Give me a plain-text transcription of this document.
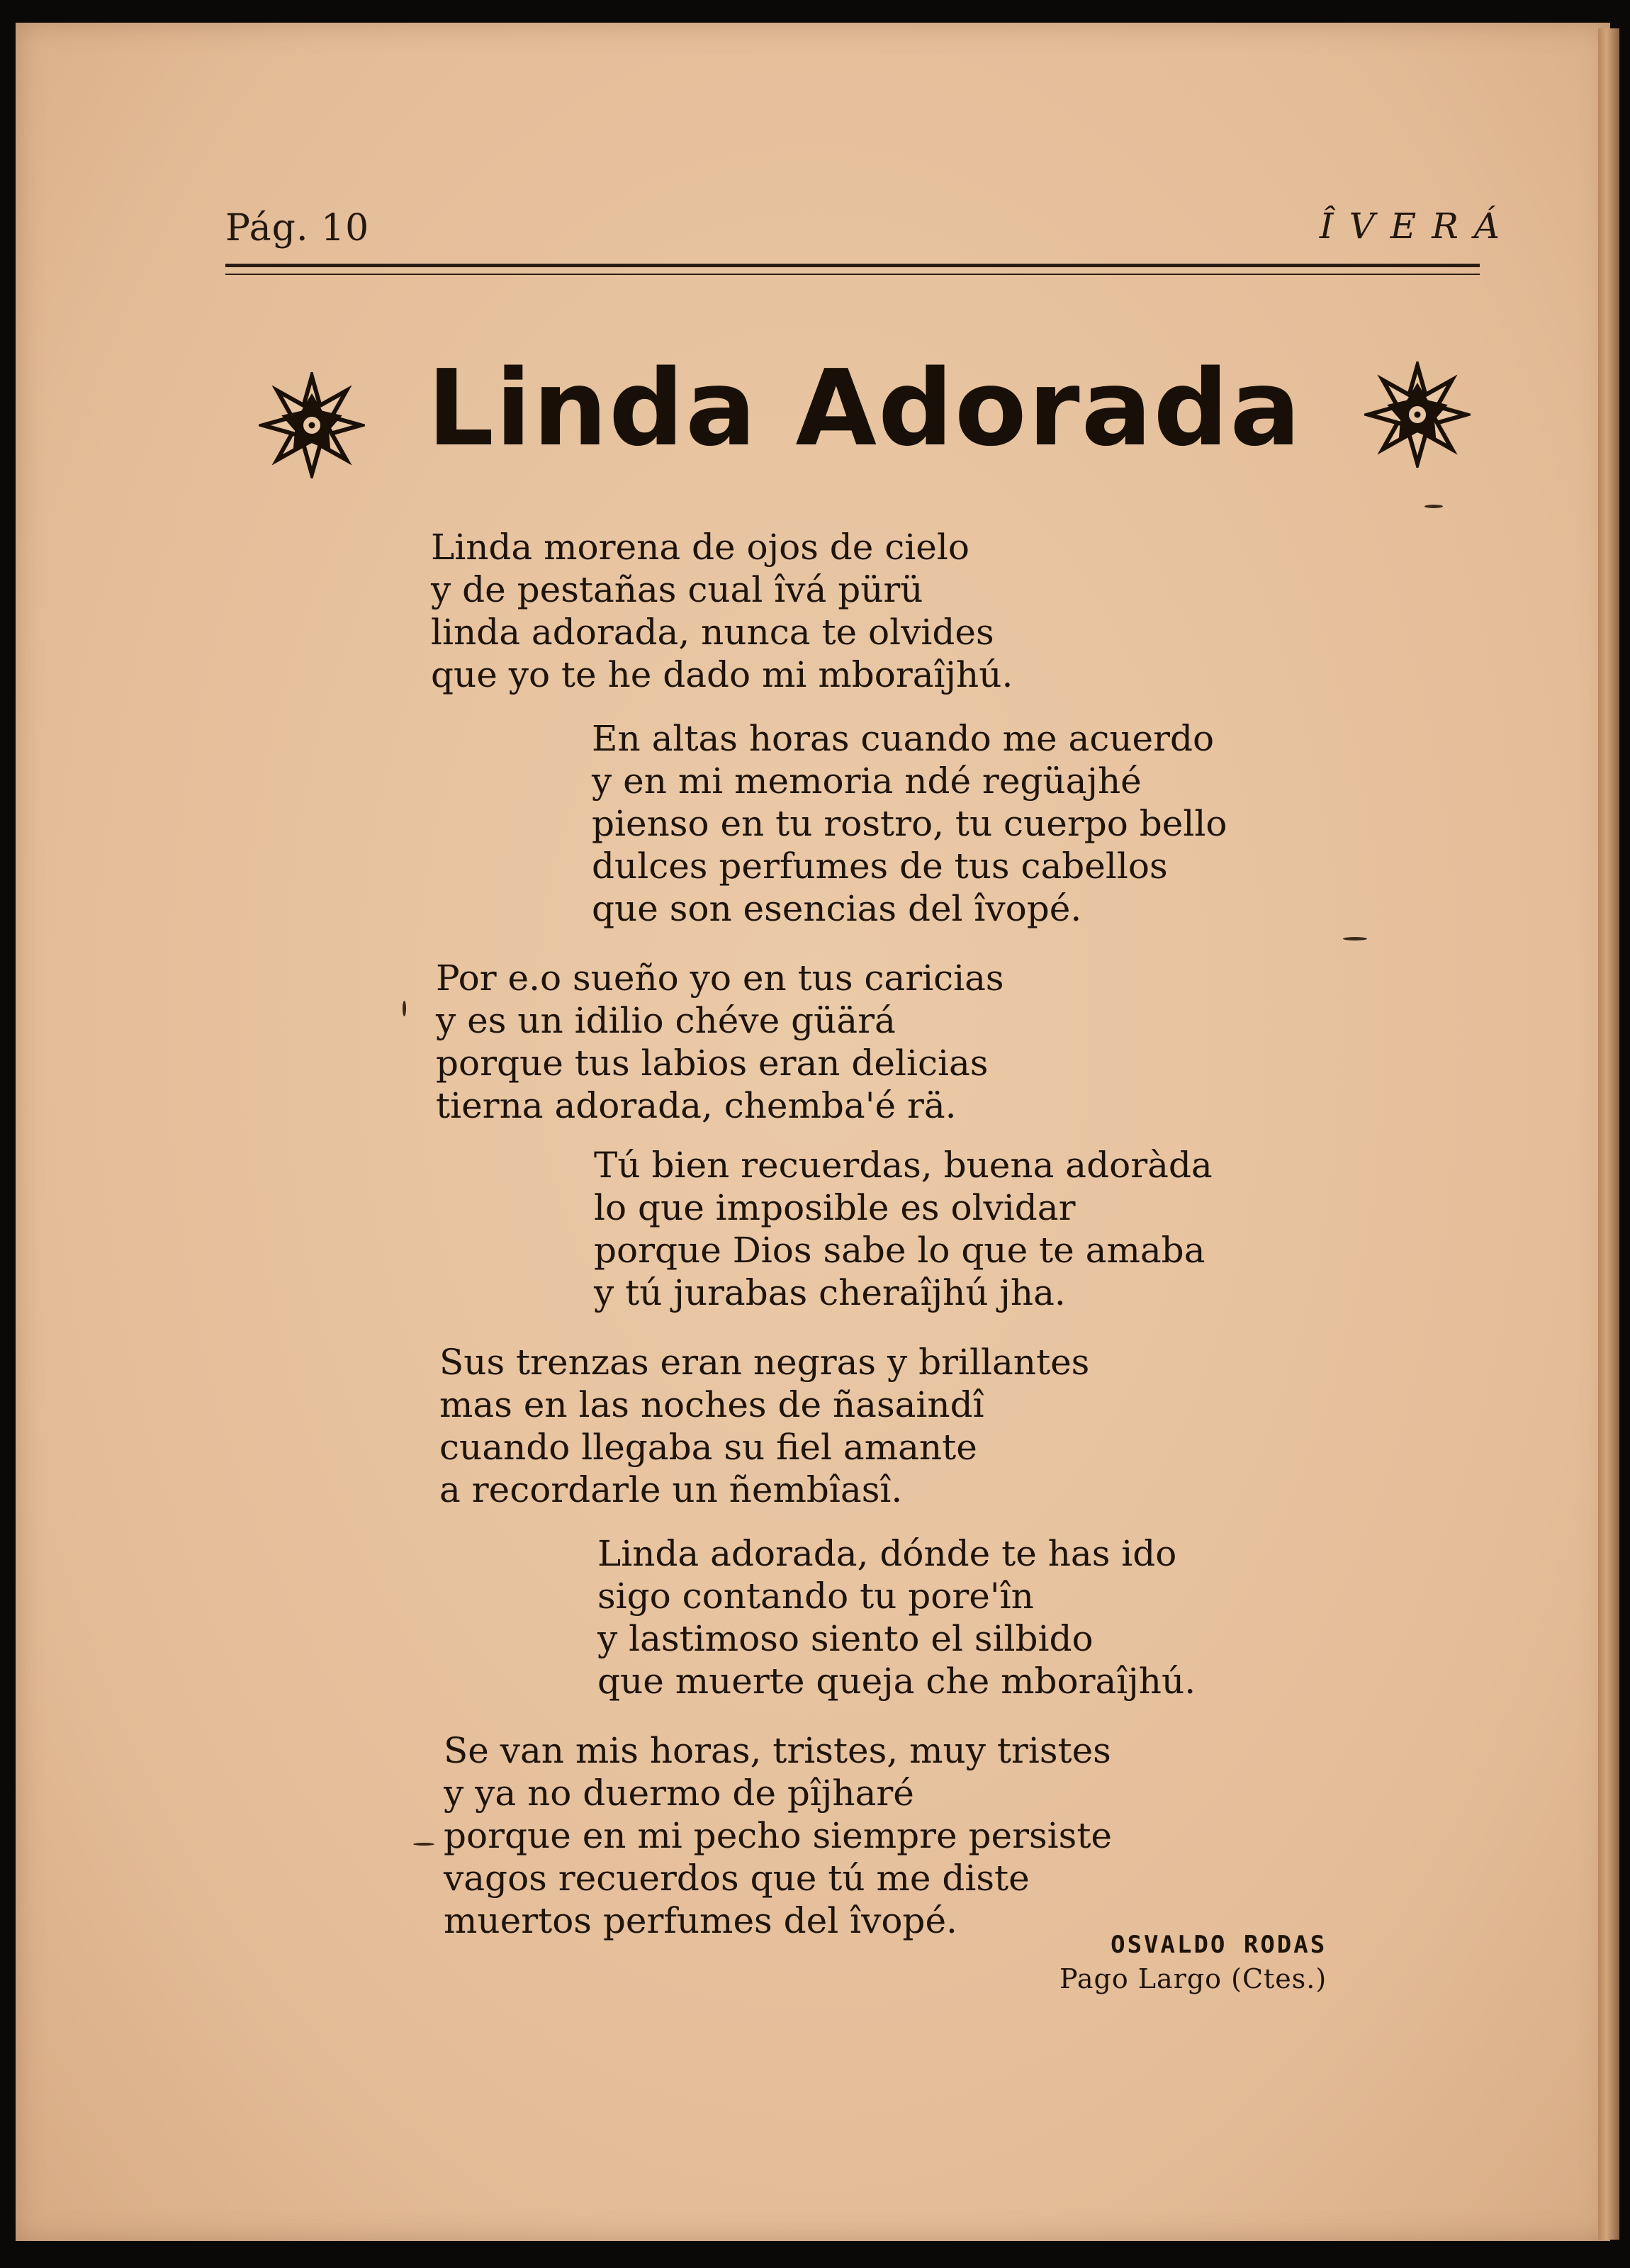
Pág. 10	ÎVERÁ
Linda Adorada
Linda morena de ojos de cielo
y de pestañas cual îvá pürü
linda adorada, nunca te olvides
que yo te he dado mi mboraîjhú.
En altas horas cuando me acuerdo
y en mi memoria ndé regüajhé
pienso en tu rostro, tu cuerpo bello
dulces perfumes de tus cabellos
que son esencias del îvopé.
Por e.o sueño yo en tus caricias
y es un idilio chéve güärá
porque tus labios eran delicias
tierna adorada, chemba'é rä.
Tú bien recuerdas, buena adoràda
lo que imposible es olvidar
porque Dios sabe lo que te amaba
y tú jurabas cheraîjhú jha.
Sus trenzas eran negras y brillantes
mas en las noches de ñasaindî
cuando llegaba su fiel amante
a recordarle un ñembîasî.
Linda adorada, dónde te has ido
sigo contando tu pore'în
y lastimoso siento el silbido
que muerte queja che mboraîjhú.
Se van mis horas, tristes, muy tristes
y ya no duermo de pîjharé
porque en mi pecho siempre persiste
vagos recuerdos que tú me diste
muertos perfumes del îvopé.
OSVALDO RODAS
Pago Largo (Ctes.)
